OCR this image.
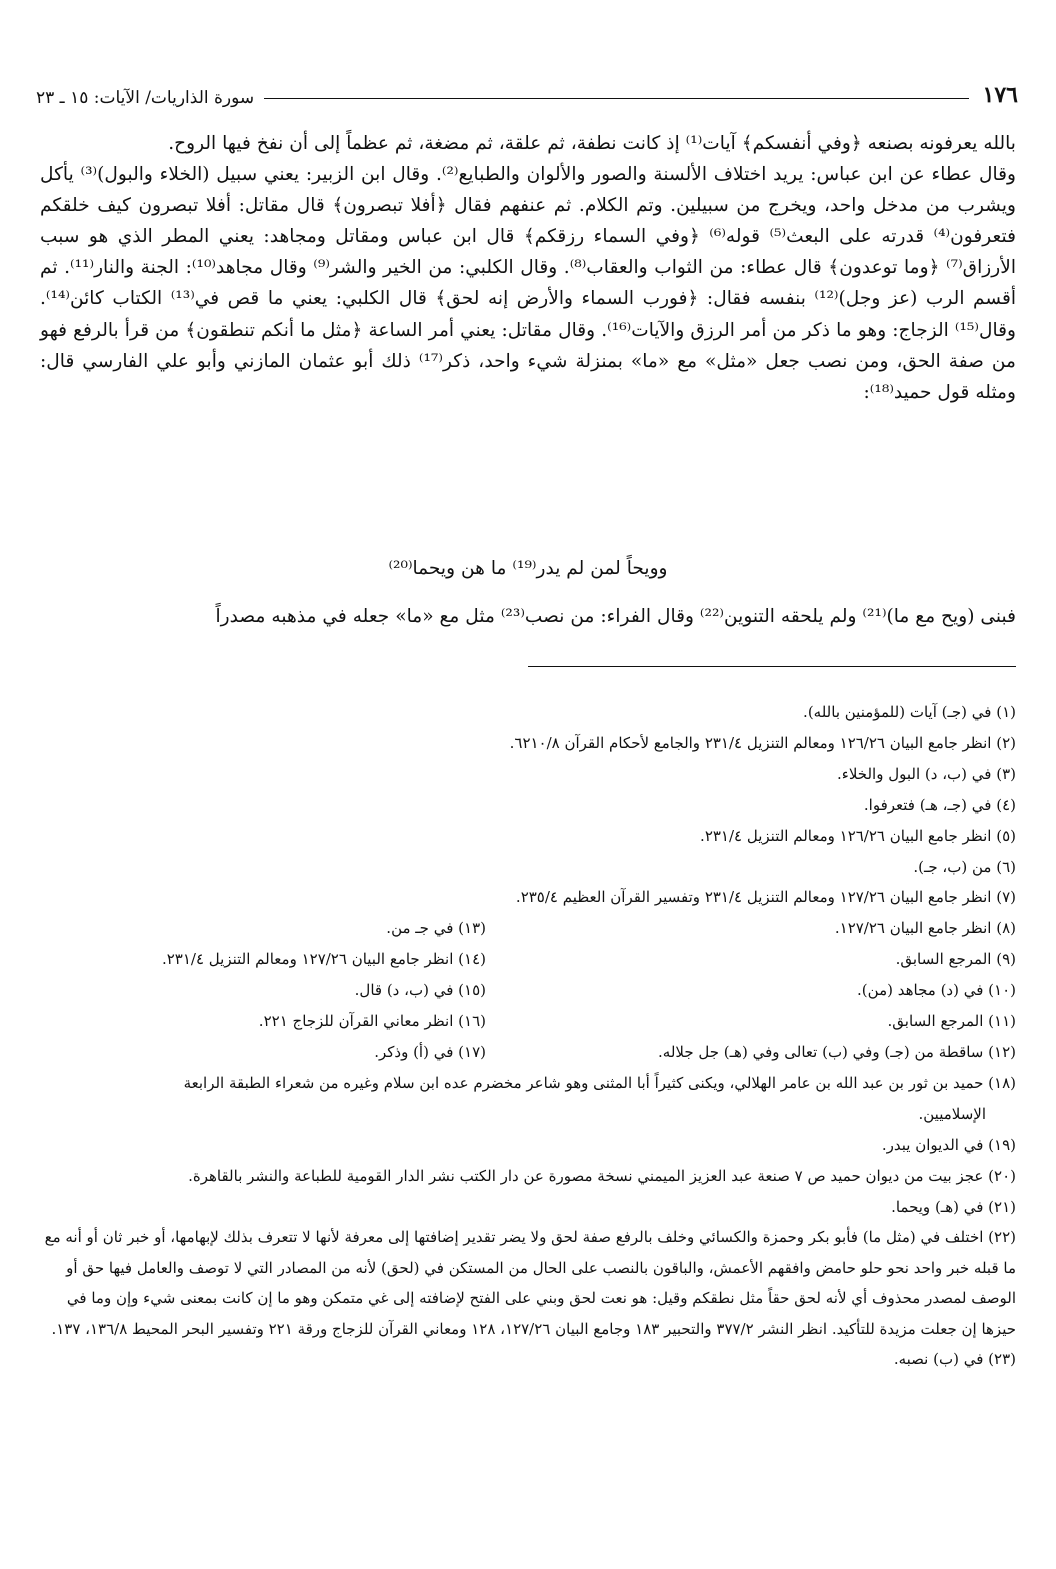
١٧٦
سورة الذاريات/ الآيات: ١٥ ـ ٢٣

بالله يعرفونه بصنعه ﴿وفي أنفسكم﴾ آيات⁽¹⁾ إذ كانت نطفة، ثم علقة، ثم مضغة، ثم عظماً إلى أن نفخ فيها الروح.

وقال عطاء عن ابن عباس: يريد اختلاف الألسنة والصور والألوان والطبايع⁽²⁾. وقال ابن الزبير: يعني سبيل (الخلاء والبول)⁽³⁾ يأكل ويشرب من مدخل واحد، ويخرج من سبيلين. وتم الكلام. ثم عنفهم فقال ﴿أفلا تبصرون﴾ قال مقاتل: أفلا تبصرون كيف خلقكم فتعرفون⁽⁴⁾ قدرته على البعث⁽⁵⁾ قوله⁽⁶⁾ ﴿وفي السماء رزقكم﴾ قال ابن عباس ومقاتل ومجاهد: يعني المطر الذي هو سبب الأرزاق⁽⁷⁾ ﴿وما توعدون﴾ قال عطاء: من الثواب والعقاب⁽⁸⁾. وقال الكلبي: من الخير والشر⁽⁹⁾ وقال مجاهد⁽¹⁰⁾: الجنة والنار⁽¹¹⁾. ثم أقسم الرب (عز وجل)⁽¹²⁾ بنفسه فقال: ﴿فورب السماء والأرض إنه لحق﴾ قال الكلبي: يعني ما قص في⁽¹³⁾ الكتاب كائن⁽¹⁴⁾. وقال⁽¹⁵⁾ الزجاج: وهو ما ذكر من أمر الرزق والآيات⁽¹⁶⁾. وقال مقاتل: يعني أمر الساعة ﴿مثل ما أنكم تنطقون﴾ من قرأ بالرفع فهو من صفة الحق، ومن نصب جعل «مثل» مع «ما» بمنزلة شيء واحد، ذكر⁽¹⁷⁾ ذلك أبو عثمان المازني وأبو علي الفارسي قال: ومثله قول حميد⁽¹⁸⁾:

وويحاً لمن لم يدر⁽¹⁹⁾ ما هن ويحما⁽²⁰⁾
فبنى (ويح مع ما)⁽²¹⁾ ولم يلحقه التنوين⁽²²⁾ وقال الفراء: من نصب⁽²³⁾ مثل مع «ما» جعله في مذهبه مصدراً

(١) في (جـ) آيات (للمؤمنين بالله).

(٢) انظر جامع البيان ١٢٦/٢٦ ومعالم التنزيل ٢٣١/٤ والجامع لأحكام القرآن ٦٢١٠/٨.

(٣) في (ب، د) البول والخلاء.

(٤) في (جـ، هـ) فتعرفوا.

(٥) انظر جامع البيان ١٢٦/٢٦ ومعالم التنزيل ٢٣١/٤.

(٦) من (ب، جـ).

(٧) انظر جامع البيان ١٢٧/٢٦ ومعالم التنزيل ٢٣١/٤ وتفسير القرآن العظيم ٢٣٥/٤.

(٨) انظر جامع البيان ١٢٧/٢٦.

(٩) المرجع السابق.

(١٠) في (د) مجاهد (من).

(١١) المرجع السابق.

(١٢) ساقطة من (جـ) وفي (ب) تعالى وفي (هـ) جل جلاله.

(١٣) في جـ من.

(١٤) انظر جامع البيان ١٢٧/٢٦ ومعالم التنزيل ٢٣١/٤.

(١٥) في (ب، د) قال.

(١٦) انظر معاني القرآن للزجاج ٢٢١.

(١٧) في (أ) وذكر.

(١٨) حميد بن ثور بن عبد الله بن عامر الهلالي، ويكنى كثيراً أبا المثنى وهو شاعر مخضرم عده ابن سلام وغيره من شعراء الطبقة الرابعة

الإسلاميين.

(١٩) في الديوان يبدر.

(٢٠) عجز بيت من ديوان حميد ص ٧ صنعة عبد العزيز الميمني نسخة مصورة عن دار الكتب نشر الدار القومية للطباعة والنشر بالقاهرة.

(٢١) في (هـ) ويحما.

(٢٢) اختلف في (مثل ما) فأبو بكر وحمزة والكسائي وخلف بالرفع صفة لحق ولا يضر تقدير إضافتها إلى معرفة لأنها لا تتعرف بذلك لإبهامها، أو خبر ثان أو أنه مع ما قبله خبر واحد نحو حلو حامض وافقهم الأعمش، والباقون بالنصب على الحال من المستكن في (لحق) لأنه من المصادر التي لا توصف والعامل فيها حق أو الوصف لمصدر محذوف أي لأنه لحق حقاً مثل نطقكم وقيل: هو نعت لحق وبني على الفتح لإضافته إلى غي متمكن وهو ما إن كانت بمعنى شيء وإن وما في حيزها إن جعلت مزيدة للتأكيد. انظر النشر ٣٧٧/٢ والتحبير ١٨٣ وجامع البيان ١٢٧/٢٦، ١٢٨ ومعاني القرآن للزجاج ورقة ٢٢١ وتفسير البحر المحيط ١٣٦/٨، ١٣٧.

(٢٣) في (ب) نصبه.
